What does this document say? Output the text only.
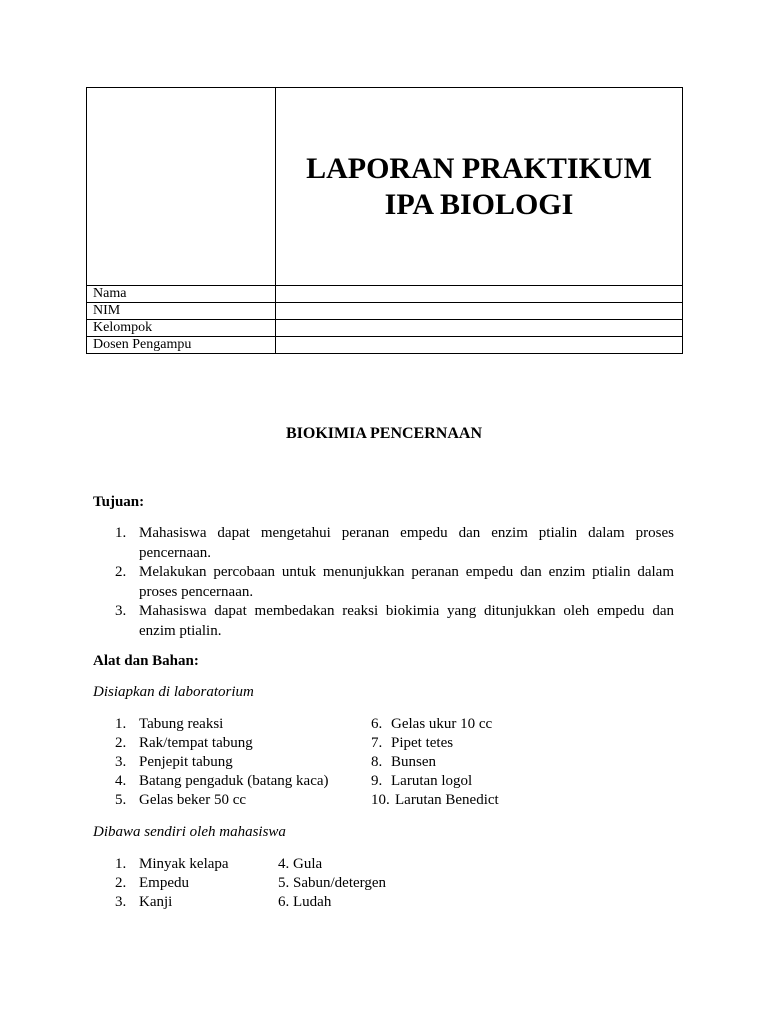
	LAPORAN PRAKTIKUM
IPA BIOLOGI

Nama	
NIM	
Kelompok	
Dosen Pengampu	
BIOKIMIA PENCERNAAN
Tujuan:
1. Mahasiswa dapat mengetahui peranan empedu dan enzim ptialin dalam proses pencernaan.
2. Melakukan percobaan untuk menunjukkan peranan empedu dan enzim ptialin dalam proses pencernaan.
3. Mahasiswa dapat membedakan reaksi biokimia yang ditunjukkan oleh empedu dan enzim ptialin.
Alat dan Bahan:
Disiapkan di laboratorium
1. Tabung reaksi
2. Rak/tempat tabung
3. Penjepit tabung
4. Batang pengaduk (batang kaca)
5. Gelas beker 50 cc
6. Gelas ukur 10 cc
7. Pipet tetes
8. Bunsen
9. Larutan logol
10. Larutan Benedict
Dibawa sendiri oleh mahasiswa
1. Minyak kelapa
2. Empedu
3. Kanji
4. Gula
5. Sabun/detergen
6. Ludah
